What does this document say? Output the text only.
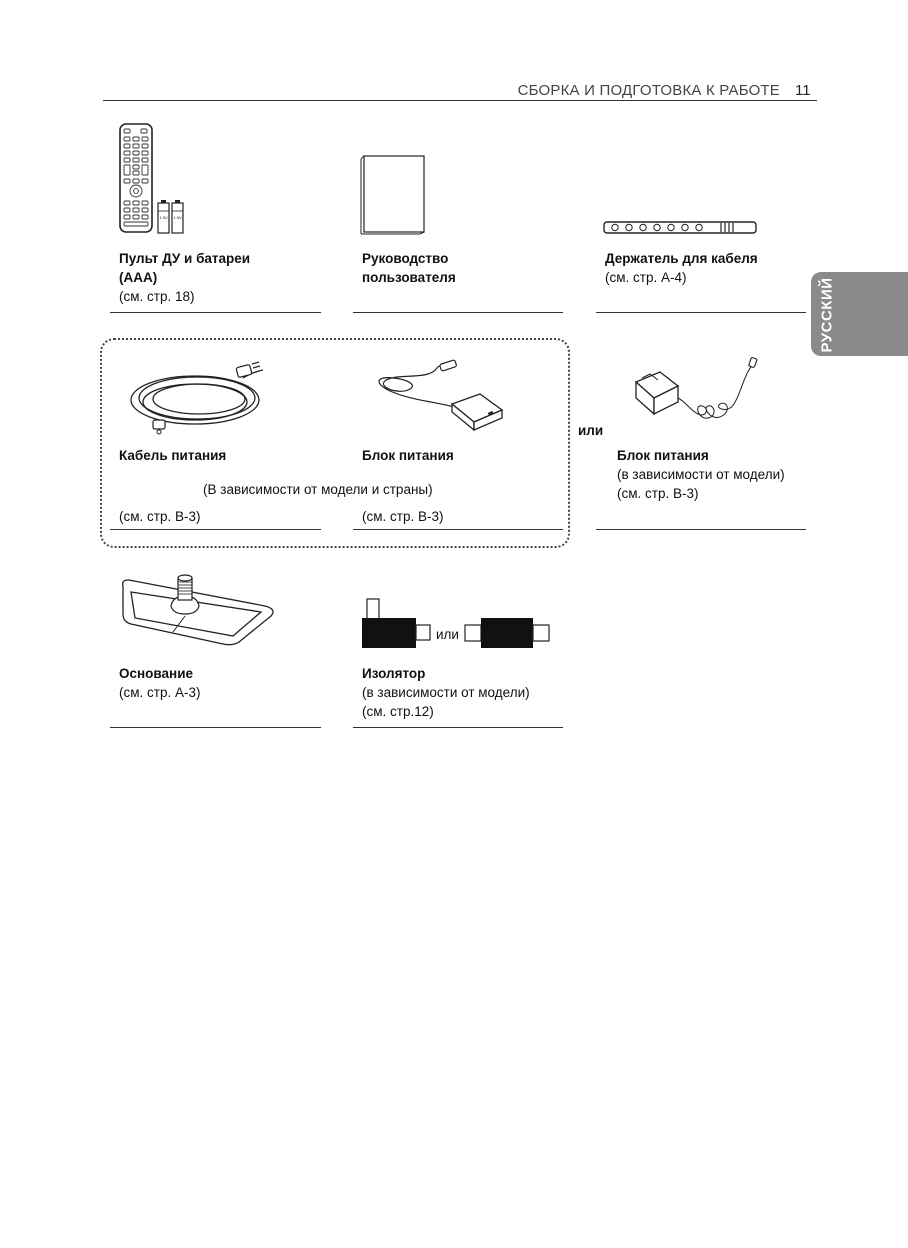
СБОРКА И ПОДГОТОВКА К РАБОТЕ 11
РУССКИЙ
1.5V 1.5V
Пульт ДУ и батареи
(AAA)
(см. стр. 18)
Руководство
пользователя
Держатель для кабеля
(см. стр. A-4)
Кабель питания	Блок питания
(В зависимости от модели и страны)
(см. стр. B-3)	(см. стр. B-3)
или
Блок питания
(в зависимости от модели)
(см. стр. B-3)
Основание
(см. стр. A-3)
или
Изолятор
(в зависимости от модели)
(см. стр.12)
